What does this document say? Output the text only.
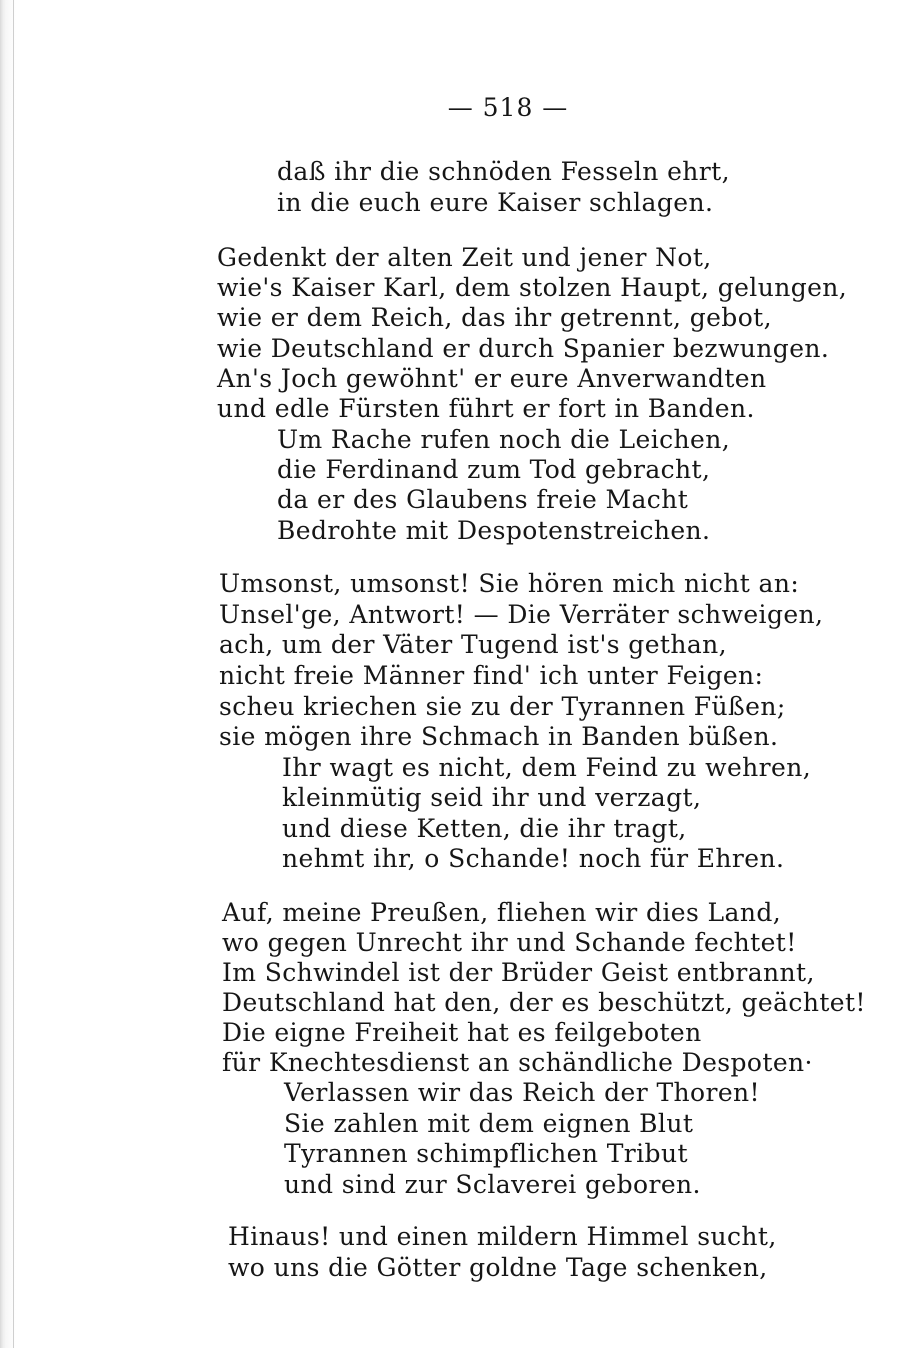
— 518 —
daß ihr die schnöden Fesseln ehrt,
in die euch eure Kaiser schlagen.
Gedenkt der alten Zeit und jener Not,
wie's Kaiser Karl, dem stolzen Haupt, gelungen,
wie er dem Reich, das ihr getrennt, gebot,
wie Deutschland er durch Spanier bezwungen.
An's Joch gewöhnt' er eure Anverwandten
und edle Fürsten führt er fort in Banden.
Um Rache rufen noch die Leichen,
die Ferdinand zum Tod gebracht,
da er des Glaubens freie Macht
Bedrohte mit Despotenstreichen.
Umsonst, umsonst! Sie hören mich nicht an:
Unsel'ge, Antwort! — Die Verräter schweigen,
ach, um der Väter Tugend ist's gethan,
nicht freie Männer find' ich unter Feigen:
scheu kriechen sie zu der Tyrannen Füßen;
sie mögen ihre Schmach in Banden büßen.
Ihr wagt es nicht, dem Feind zu wehren,
kleinmütig seid ihr und verzagt,
und diese Ketten, die ihr tragt,
nehmt ihr, o Schande! noch für Ehren.
Auf, meine Preußen, fliehen wir dies Land,
wo gegen Unrecht ihr und Schande fechtet!
Im Schwindel ist der Brüder Geist entbrannt,
Deutschland hat den, der es beschützt, geächtet!
Die eigne Freiheit hat es feilgeboten
für Knechtesdienst an schändliche Despoten·
Verlassen wir das Reich der Thoren!
Sie zahlen mit dem eignen Blut
Tyrannen schimpflichen Tribut
und sind zur Sclaverei geboren.
Hinaus! und einen mildern Himmel sucht,
wo uns die Götter goldne Tage schenken,
